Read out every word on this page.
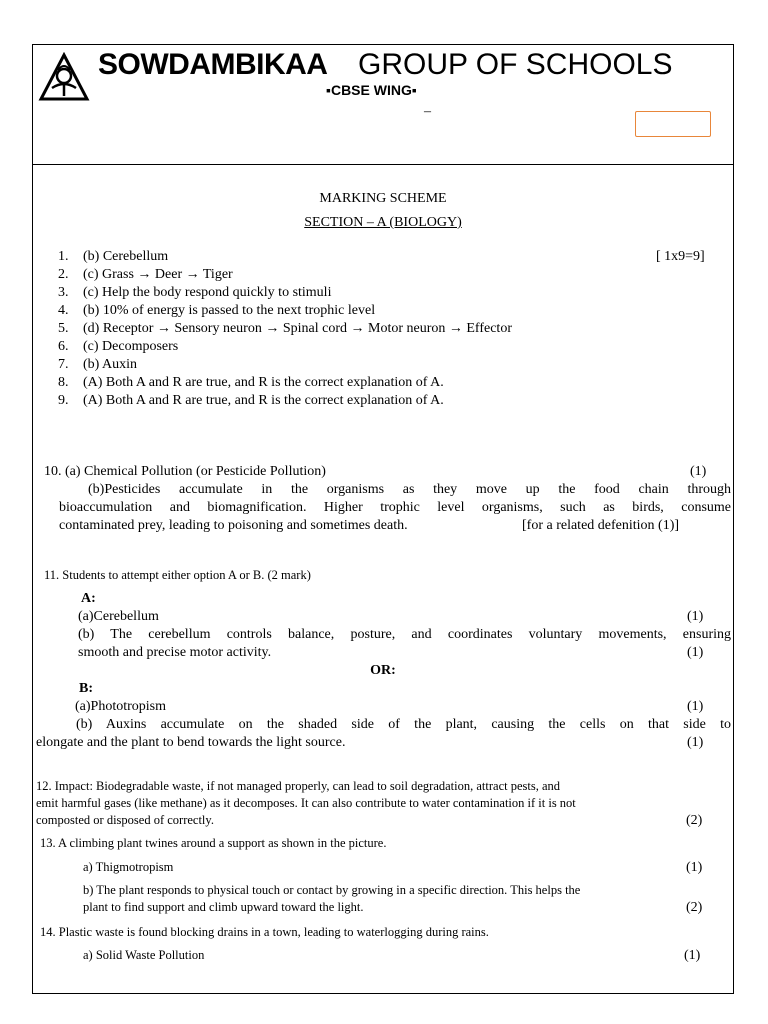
SOWDAMBIKAA GROUP OF SCHOOLS
▪CBSE WING▪
–
MARKING SCHEME
SECTION – A (BIOLOGY)
[ 1x9=9]
1. (b) Cerebellum
2. (c) Grass → Deer → Tiger
3. (c) Help the body respond quickly to stimuli
4. (b) 10% of energy is passed to the next trophic level
5. (d) Receptor → Sensory neuron → Spinal cord → Motor neuron → Effector
6. (c) Decomposers
7. (b) Auxin
8. (A) Both A and R are true, and R is the correct explanation of A.
9. (A) Both A and R are true, and R is the correct explanation of A.
10. (a) Chemical Pollution (or Pesticide Pollution)	(1)
(b)Pesticides accumulate in the organisms as they move up the food chain through
bioaccumulation and biomagnification. Higher trophic level organisms, such as birds, consume
contaminated prey, leading to poisoning and sometimes death.	[for a related defenition (1)]
11. Students to attempt either option A or B. (2 mark)
A:
(a)Cerebellum	(1)
(b) The cerebellum controls balance, posture, and coordinates voluntary movements, ensuring
smooth and precise motor activity.	(1)
OR:
B:
(a)Phototropism	(1)
(b) Auxins accumulate on the shaded side of the plant, causing the cells on that side to
elongate and the plant to bend towards the light source.	(1)
12. Impact: Biodegradable waste, if not managed properly, can lead to soil degradation, attract pests, and
emit harmful gases (like methane) as it decomposes. It can also contribute to water contamination if it is not
composted or disposed of correctly.	(2)
13. A climbing plant twines around a support as shown in the picture.
a) Thigmotropism	(1)
b) The plant responds to physical touch or contact by growing in a specific direction. This helps the
plant to find support and climb upward toward the light.	(2)
14. Plastic waste is found blocking drains in a town, leading to waterlogging during rains.
a) Solid Waste Pollution	(1)
